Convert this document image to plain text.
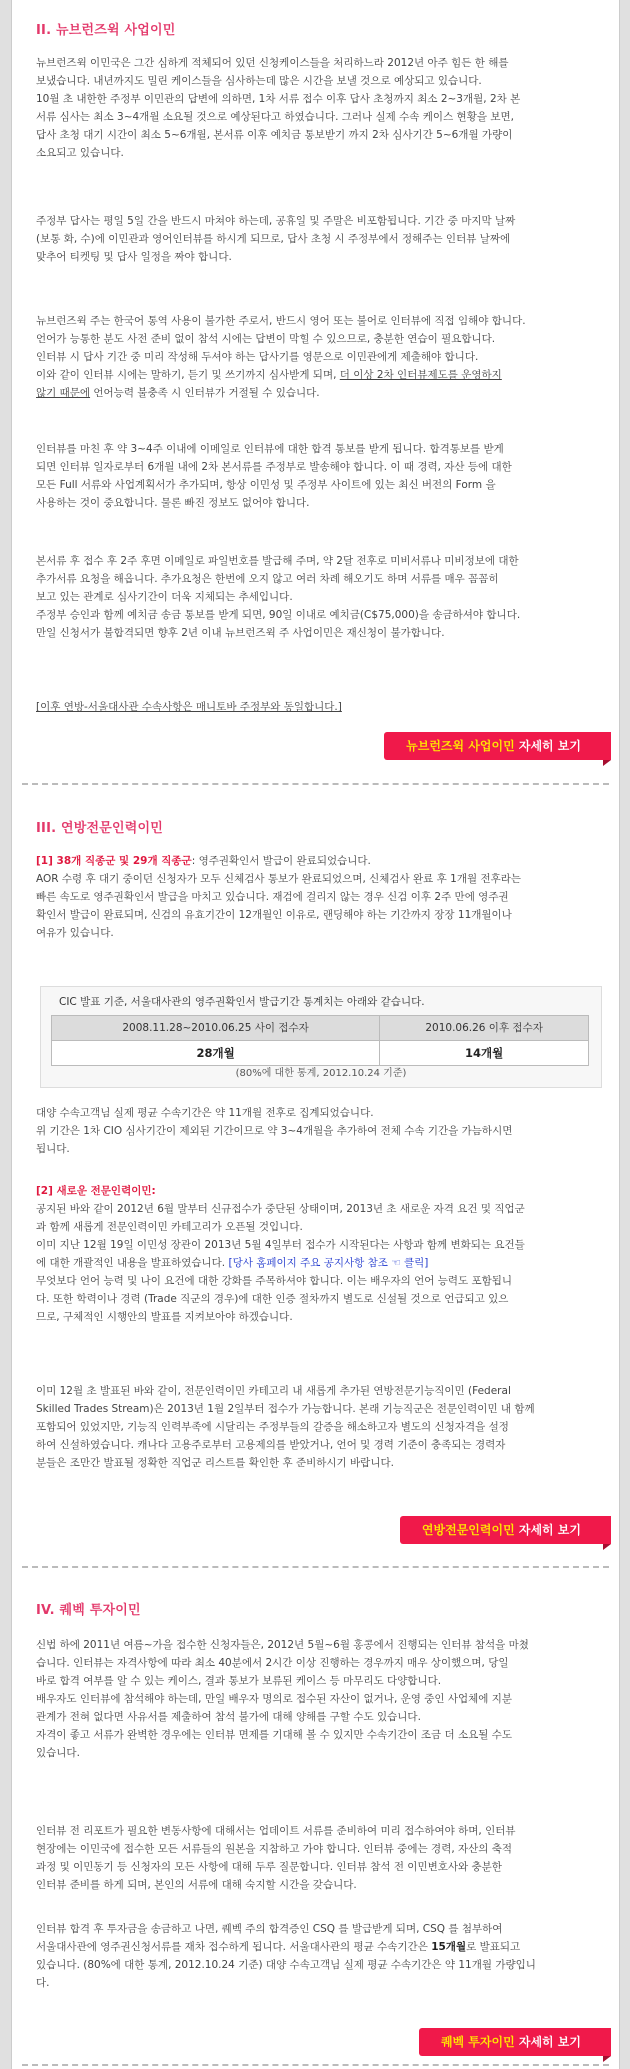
II. 뉴브런즈윅 사업이민

뉴브런즈윅 이민국은 그간 심하게 적체되어 있던 신청케이스들을 처리하느라 2012년 아주 힘든 한 해를

보냈습니다. 내년까지도 밀린 케이스들을 심사하는데 많은 시간을 보낼 것으로 예상되고 있습니다.

10월 초 내한한 주정부 이민관의 답변에 의하면, 1차 서류 접수 이후 답사 초청까지 최소 2~3개월, 2차 본

서류 심사는 최소 3~4개월 소요될 것으로 예상된다고 하였습니다. 그러나 실제 수속 케이스 현황을 보면,

답사 초청 대기 시간이 최소 5~6개월, 본서류 이후 예치금 통보받기 까지 2차 심사기간 5~6개월 가량이

소요되고 있습니다.

주정부 답사는 평일 5일 간을 반드시 마쳐야 하는데, 공휴일 및 주말은 비포함됩니다. 기간 중 마지막 날짜

(보통 화, 수)에 이민관과 영어인터뷰를 하시게 되므로, 답사 초청 시 주정부에서 정해주는 인터뷰 날짜에

맞추어 티켓팅 및 답사 일정을 짜야 합니다.

뉴브런즈윅 주는 한국어 통역 사용이 불가한 주로서, 반드시 영어 또는 불어로 인터뷰에 직접 임해야 합니다.

언어가 능통한 분도 사전 준비 없이 참석 시에는 답변이 막힐 수 있으므로, 충분한 연습이 필요합니다.

인터뷰 시 답사 기간 중 미리 작성해 두셔야 하는 답사기를 영문으로 이민관에게 제출해야 합니다.

이와 같이 인터뷰 시에는 말하기, 듣기 및 쓰기까지 심사받게 되며, 더 이상 2차 인터뷰제도를 운영하지

않기 때문에 언어능력 불충족 시 인터뷰가 거절될 수 있습니다.

인터뷰를 마친 후 약 3~4주 이내에 이메일로 인터뷰에 대한 합격 통보를 받게 됩니다. 합격통보를 받게

되면 인터뷰 일자로부터 6개월 내에 2차 본서류를 주정부로 발송해야 합니다. 이 때 경력, 자산 등에 대한

모든 Full 서류와 사업계획서가 추가되며, 항상 이민성 및 주정부 사이트에 있는 최신 버전의 Form 을

사용하는 것이 중요합니다. 물론 빠진 정보도 없어야 합니다.

본서류 후 접수 후 2주 후면 이메일로 파일번호를 발급해 주며, 약 2달 전후로 미비서류나 미비정보에 대한

추가서류 요청을 해옵니다. 추가요청은 한번에 오지 않고 여러 차례 해오기도 하며 서류를 매우 꼼꼼히

보고 있는 관계로 심사기간이 더욱 지체되는 추세입니다.

주정부 승인과 함께 예치금 송금 통보를 받게 되면, 90일 이내로 예치금(C$75,000)을 송금하셔야 합니다.

만일 신청서가 불합격되면 향후 2년 이내 뉴브런즈윅 주 사업이민은 재신청이 불가합니다.

[이후 연방-서울대사관 수속사항은 매니토바 주정부와 동일합니다.]

뉴브런즈윅 사업이민 자세히 보기
III. 연방전문인력이민

[1] 38개 직종군 및 29개 직종군: 영주권확인서 발급이 완료되었습니다.

AOR 수령 후 대기 중이던 신청자가 모두 신체검사 통보가 완료되었으며, 신체검사 완료 후 1개월 전후라는

빠른 속도로 영주권확인서 발급을 마치고 있습니다. 재검에 걸리지 않는 경우 신검 이후 2주 만에 영주권

확인서 발급이 완료되며, 신검의 유효기간이 12개월인 이유로, 랜딩해야 하는 기간까지 장장 11개월이나

여유가 있습니다.

CIC 발표 기준, 서울대사관의 영주권확인서 발급기간 통계치는 아래와 같습니다.
2008.11.28~2010.06.25 사이 접수자	2010.06.26 이후 접수자
28개월	14개월
(80%에 대한 통계, 2012.10.24 기준)

대양 수속고객님 실제 평균 수속기간은 약 11개월 전후로 집계되었습니다.

위 기간은 1차 CIO 심사기간이 제외된 기간이므로 약 3~4개월을 추가하여 전체 수속 기간을 가늠하시면

됩니다.

[2] 새로운 전문인력이민:

공지된 바와 같이 2012년 6월 말부터 신규접수가 중단된 상태이며, 2013년 초 새로운 자격 요건 및 직업군

과 함께 새롭게 전문인력이민 카테고리가 오픈될 것입니다.

이미 지난 12월 19일 이민성 장관이 2013년 5월 4일부터 접수가 시작된다는 사항과 함께 변화되는 요건들

에 대한 개괄적인 내용을 발표하였습니다. [당사 홈페이지 주요 공지사항 참조 ☜ 클릭]

무엇보다 언어 능력 및 나이 요건에 대한 강화를 주목하셔야 합니다. 이는 배우자의 언어 능력도 포함됩니

다. 또한 학력이나 경력 (Trade 직군의 경우)에 대한 인증 절차까지 별도로 신설될 것으로 언급되고 있으

므로, 구체적인 시행안의 발표를 지켜보아야 하겠습니다.

이미 12월 초 발표된 바와 같이, 전문인력이민 카테고리 내 새롭게 추가된 연방전문기능직이민 (Federal

Skilled Trades Stream)은 2013년 1월 2일부터 접수가 가능합니다. 본래 기능직군은 전문인력이민 내 함께

포함되어 있었지만, 기능직 인력부족에 시달리는 주정부들의 갈증을 해소하고자 별도의 신청자격을 설정

하여 신설하였습니다. 캐나다 고용주로부터 고용제의를 받았거나, 언어 및 경력 기준이 충족되는 경력자

분들은 조만간 발표될 정확한 직업군 리스트를 확인한 후 준비하시기 바랍니다.

연방전문인력이민 자세히 보기
IV. 퀘벡 투자이민

신법 하에 2011년 여름~가을 접수한 신청자들은, 2012년 5월~6월 홍콩에서 진행되는 인터뷰 참석을 마쳤

습니다. 인터뷰는 자격사항에 따라 최소 40분에서 2시간 이상 진행하는 경우까지 매우 상이했으며, 당일

바로 합격 여부를 알 수 있는 케이스, 결과 통보가 보류된 케이스 등 마무리도 다양합니다.

배우자도 인터뷰에 참석해야 하는데, 만일 배우자 명의로 접수된 자산이 없거나, 운영 중인 사업체에 지분

관계가 전혀 없다면 사유서를 제출하여 참석 불가에 대해 양해를 구할 수도 있습니다.

자격이 좋고 서류가 완벽한 경우에는 인터뷰 면제를 기대해 볼 수 있지만 수속기간이 조금 더 소요될 수도

있습니다.

인터뷰 전 리포트가 필요한 변동사항에 대해서는 업데이트 서류를 준비하여 미리 접수하여야 하며, 인터뷰

현장에는 이민국에 접수한 모든 서류들의 원본을 지참하고 가야 합니다. 인터뷰 중에는 경력, 자산의 축적

과정 및 이민동기 등 신청자의 모든 사항에 대해 두루 질문합니다. 인터뷰 참석 전 이민변호사와 충분한

인터뷰 준비를 하게 되며, 본인의 서류에 대해 숙지할 시간을 갖습니다.

인터뷰 합격 후 투자금을 송금하고 나면, 퀘벡 주의 합격증인 CSQ 를 발급받게 되며, CSQ 를 첨부하여

서울대사관에 영주권신청서류를 재차 접수하게 됩니다. 서울대사관의 평균 수속기간은 15개월로 발표되고

있습니다. (80%에 대한 통계, 2012.10.24 기준) 대양 수속고객님 실제 평균 수속기간은 약 11개월 가량입니

다.

퀘벡 투자이민 자세히 보기
